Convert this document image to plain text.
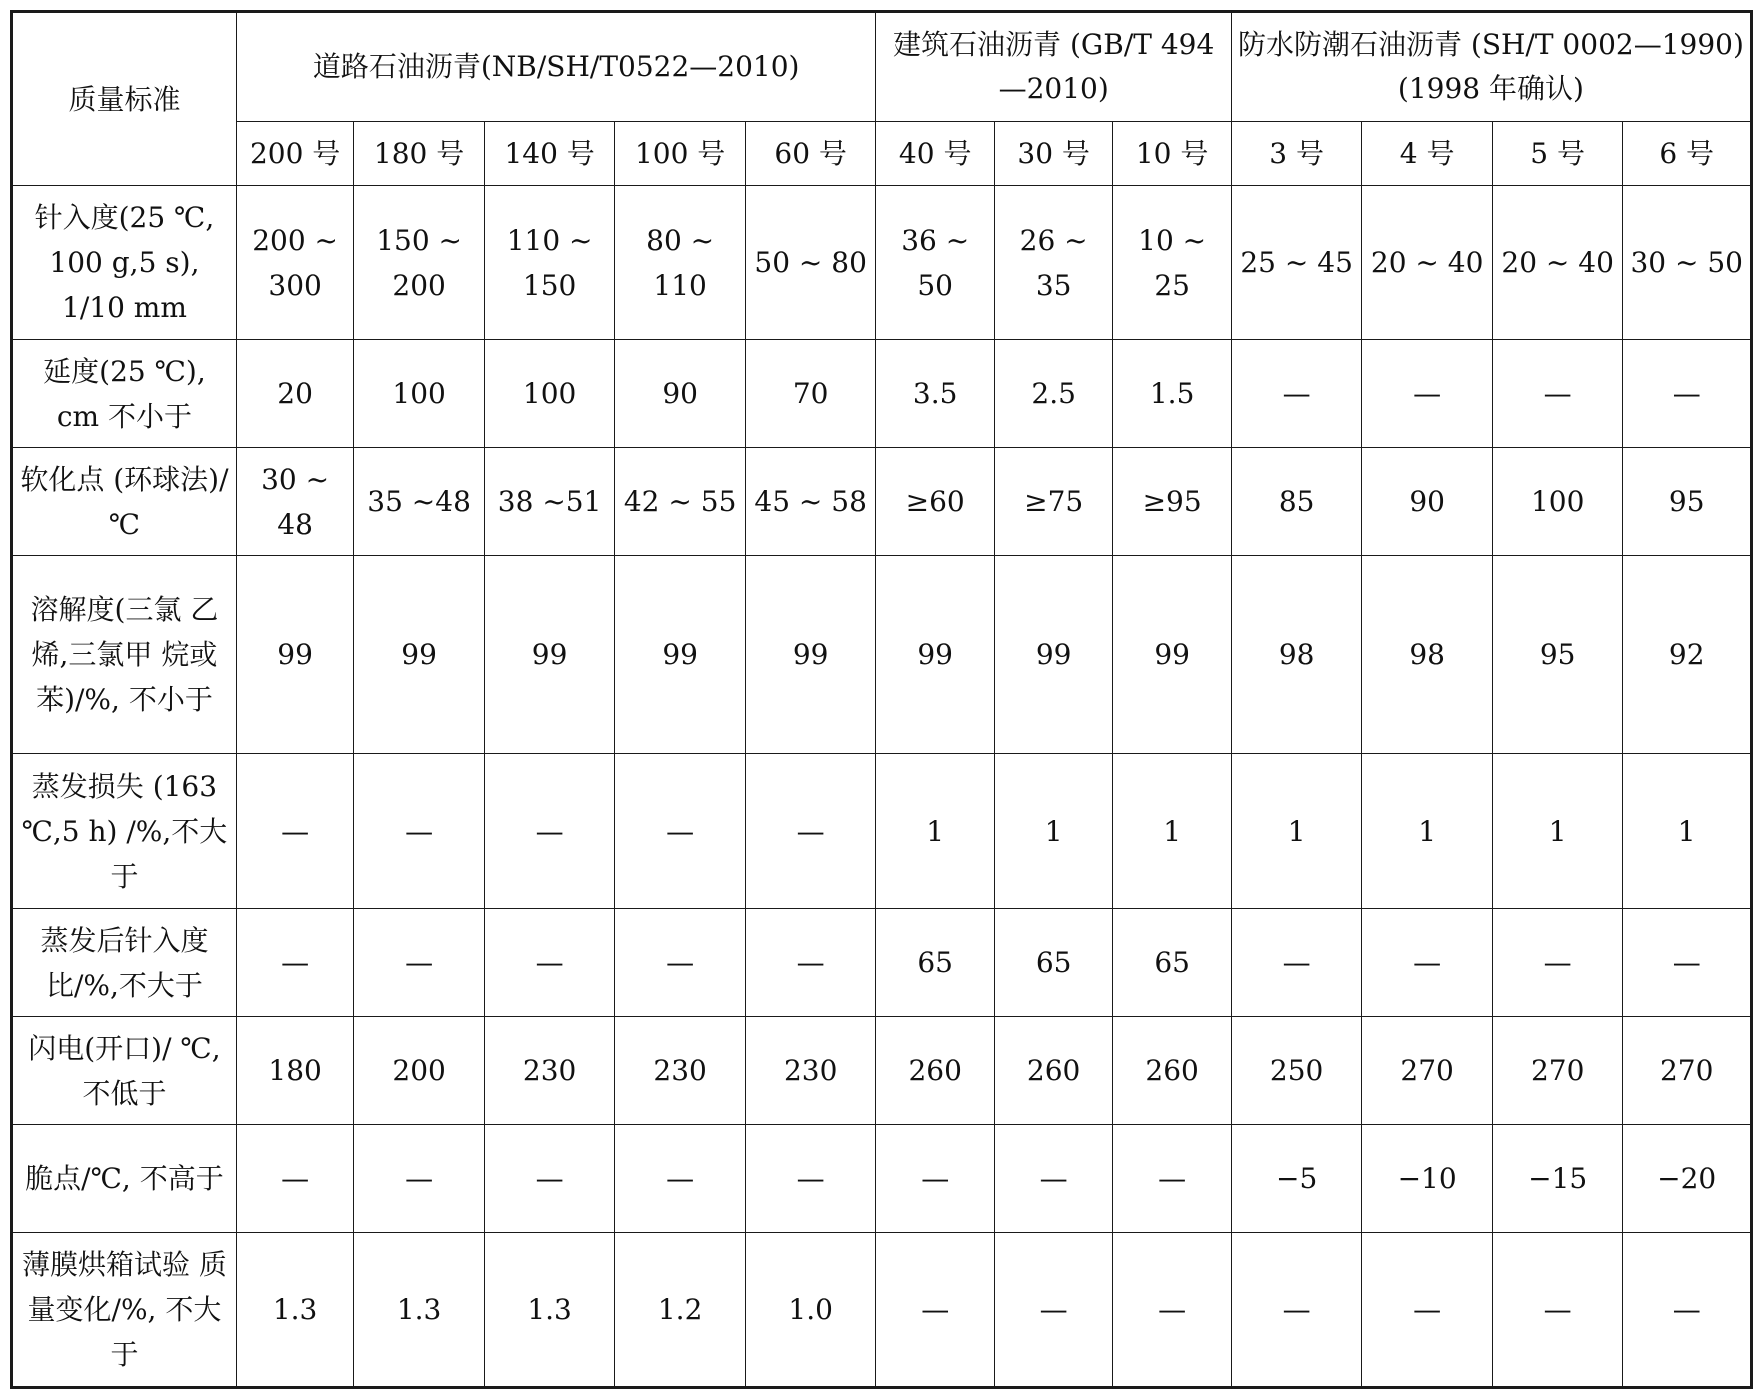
质量标准	道路石油沥青(NB/SH/T0522—2010)					建筑石油沥青 (GB/T 494—2010)			防水防潮石油沥青 (SH/T 0002—1990)(1998 年确认)			
	200 号	180 号	140 号	100 号	60 号	40 号	30 号	10 号	3 号	4 号	5 号	6 号
针入度(25 ℃, 100 g,5 s), 1/10 mm	200 ~ 300	150 ~ 200	110 ~ 150	80 ~ 110	50 ~ 80	36 ~ 50	26 ~ 35	10 ~ 25	25 ~ 45	20 ~ 40	20 ~ 40	30 ~ 50
延度(25 ℃), cm 不小于	20	100	100	90	70	3.5	2.5	1.5	—	—	—	—
软化点 (环球法)/℃	30 ~ 48	35 ~48	38 ~51	42 ~ 55	45 ~ 58	≥60	≥75	≥95	85	90	100	95
溶解度(三氯 乙烯,三氯甲 烷或苯)/%, 不小于	99	99	99	99	99	99	99	99	98	98	95	92
蒸发损失 (163 ℃,5 h) /%,不大于	—	—	—	—	—	1	1	1	1	1	1	1
蒸发后针入度 比/%,不大于	—	—	—	—	—	65	65	65	—	—	—	—
闪电(开口)/ ℃,不低于	180	200	230	230	230	260	260	260	250	270	270	270
脆点/℃, 不高于	—	—	—	—	—	—	—	—	−5	−10	−15	−20
薄膜烘箱试验 质量变化/%, 不大于	1.3	1.3	1.3	1.2	1.0	—	—	—	—	—	—	—
